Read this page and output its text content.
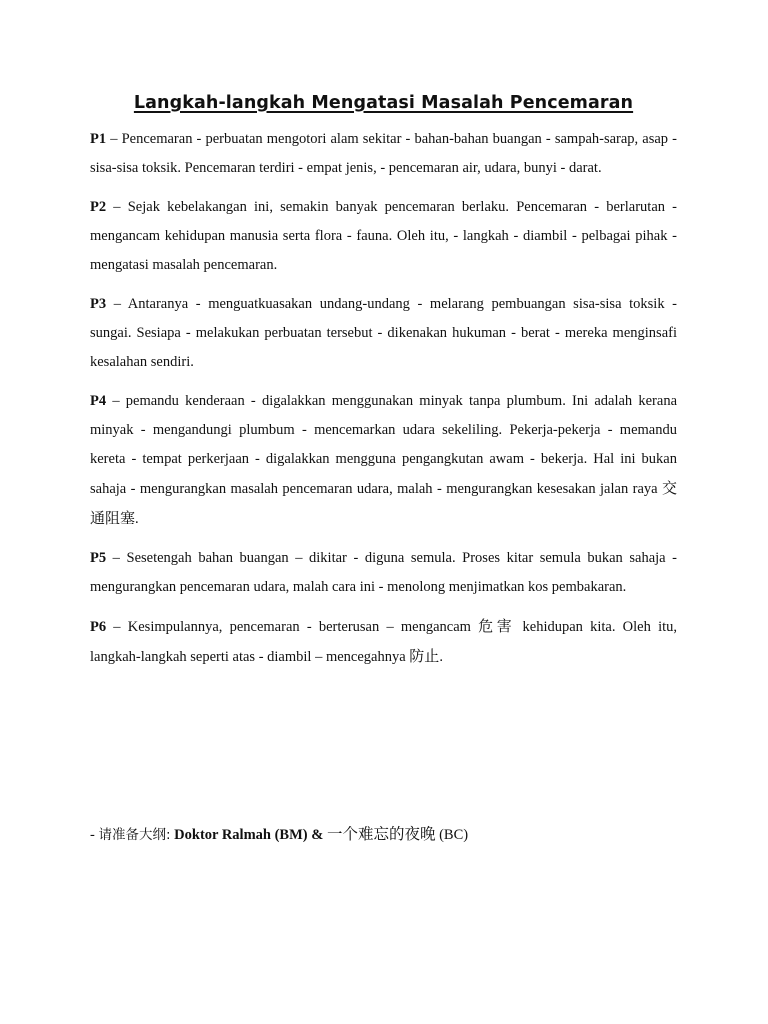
Langkah-langkah Mengatasi Masalah Pencemaran

P1 – Pencemaran - perbuatan mengotori alam sekitar - bahan-bahan buangan - sampah-sarap, asap - sisa-sisa toksik. Pencemaran terdiri - empat jenis, - pencemaran air, udara, bunyi - darat.

P2 – Sejak kebelakangan ini, semakin banyak pencemaran berlaku. Pencemaran - berlarutan - mengancam kehidupan manusia serta flora - fauna. Oleh itu, - langkah - diambil - pelbagai pihak - mengatasi masalah pencemaran.

P3 – Antaranya - menguatkuasakan undang-undang - melarang pembuangan sisa-sisa toksik - sungai. Sesiapa - melakukan perbuatan tersebut - dikenakan hukuman - berat - mereka menginsafi kesalahan sendiri.

P4 – pemandu kenderaan - digalakkan menggunakan minyak tanpa plumbum. Ini adalah kerana minyak - mengandungi plumbum - mencemarkan udara sekeliling. Pekerja-pekerja - memandu kereta - tempat perkerjaan - digalakkan mengguna pengangkutan awam - bekerja. Hal ini bukan sahaja - mengurangkan masalah pencemaran udara, malah - mengurangkan kesesakan jalan raya 交通阻塞.

P5 – Sesetengah bahan buangan – dikitar - diguna semula. Proses kitar semula bukan sahaja - mengurangkan pencemaran udara, malah cara ini - menolong menjimatkan kos pembakaran.

P6 – Kesimpulannya, pencemaran - berterusan – mengancam 危害 kehidupan kita. Oleh itu, langkah-langkah seperti atas - diambil – mencegahnya 防止.

- 请准备大纲: Doktor Ralmah (BM) & 一个难忘的夜晚 (BC)
